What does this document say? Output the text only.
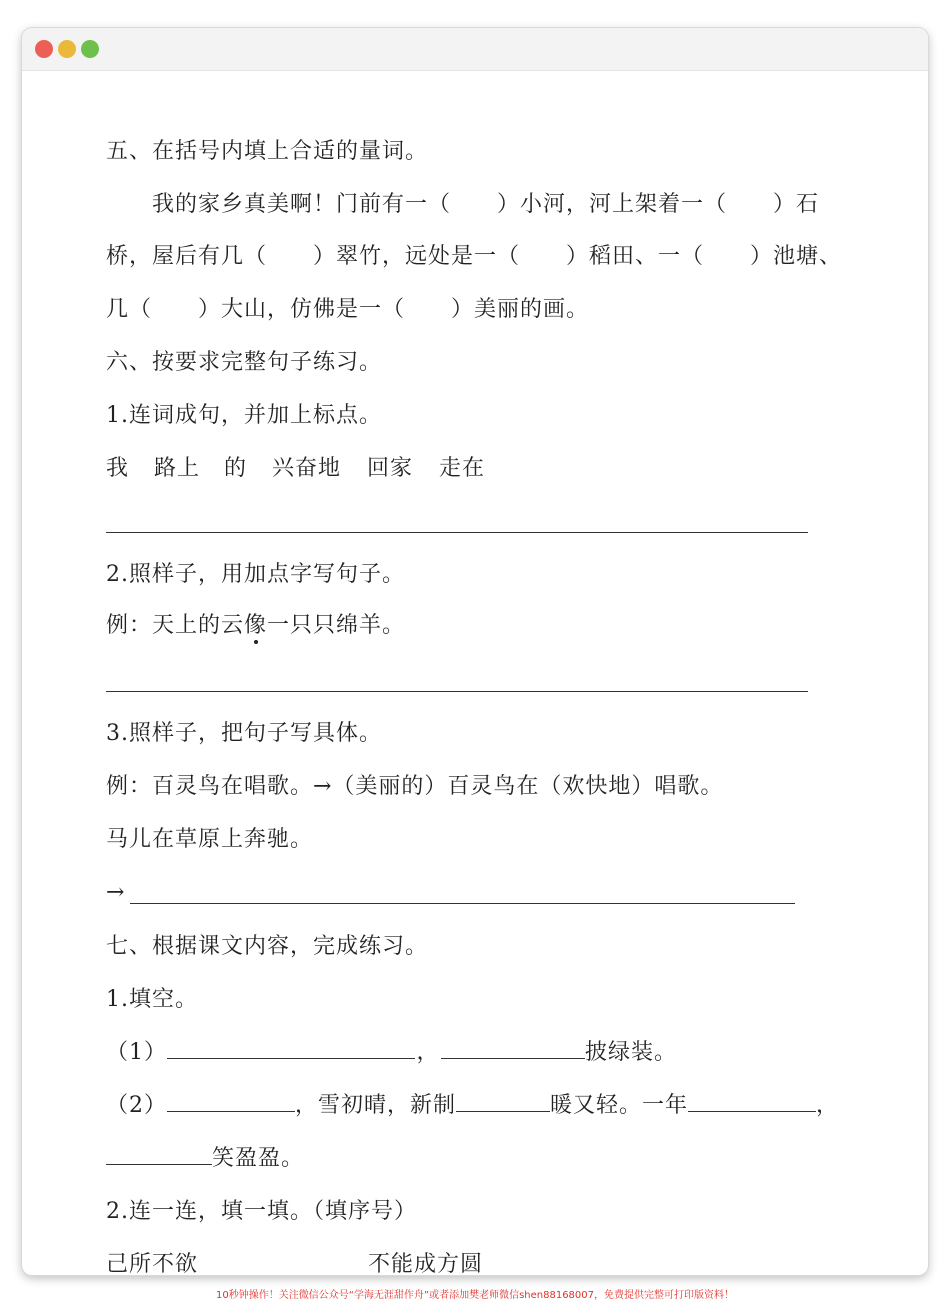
五、在括号内填上合适的量词。
我的家乡真美啊！门前有一（　　）小河，河上架着一（　　）石
桥，屋后有几（　　）翠竹，远处是一（　　）稻田、一（　　）池塘、
几（　　）大山，仿佛是一（　　）美丽的画。
六、按要求完整句子练习。
1.连词成句，并加上标点。
我 路上 的 兴奋地 回家 走在
2.照样子，用加点字写句子。
例：天上的云像一只只绵羊。
3.照样子，把句子写具体。
例：百灵鸟在唱歌。→（美丽的）百灵鸟在（欢快地）唱歌。
马儿在草原上奔驰。
→
七、根据课文内容，完成练习。
1.填空。
（1）	，	披绿装。
（2）	，雪初晴，新制	暖又轻。一年	，
笑盈盈。
2.连一连，填一填。（填序号）
己所不欲	不能成方圆
10秒钟操作！关注微信公众号“学海无涯甜作舟”或者添加樊老师微信shen88168007，免费提供完整可打印版资料！
